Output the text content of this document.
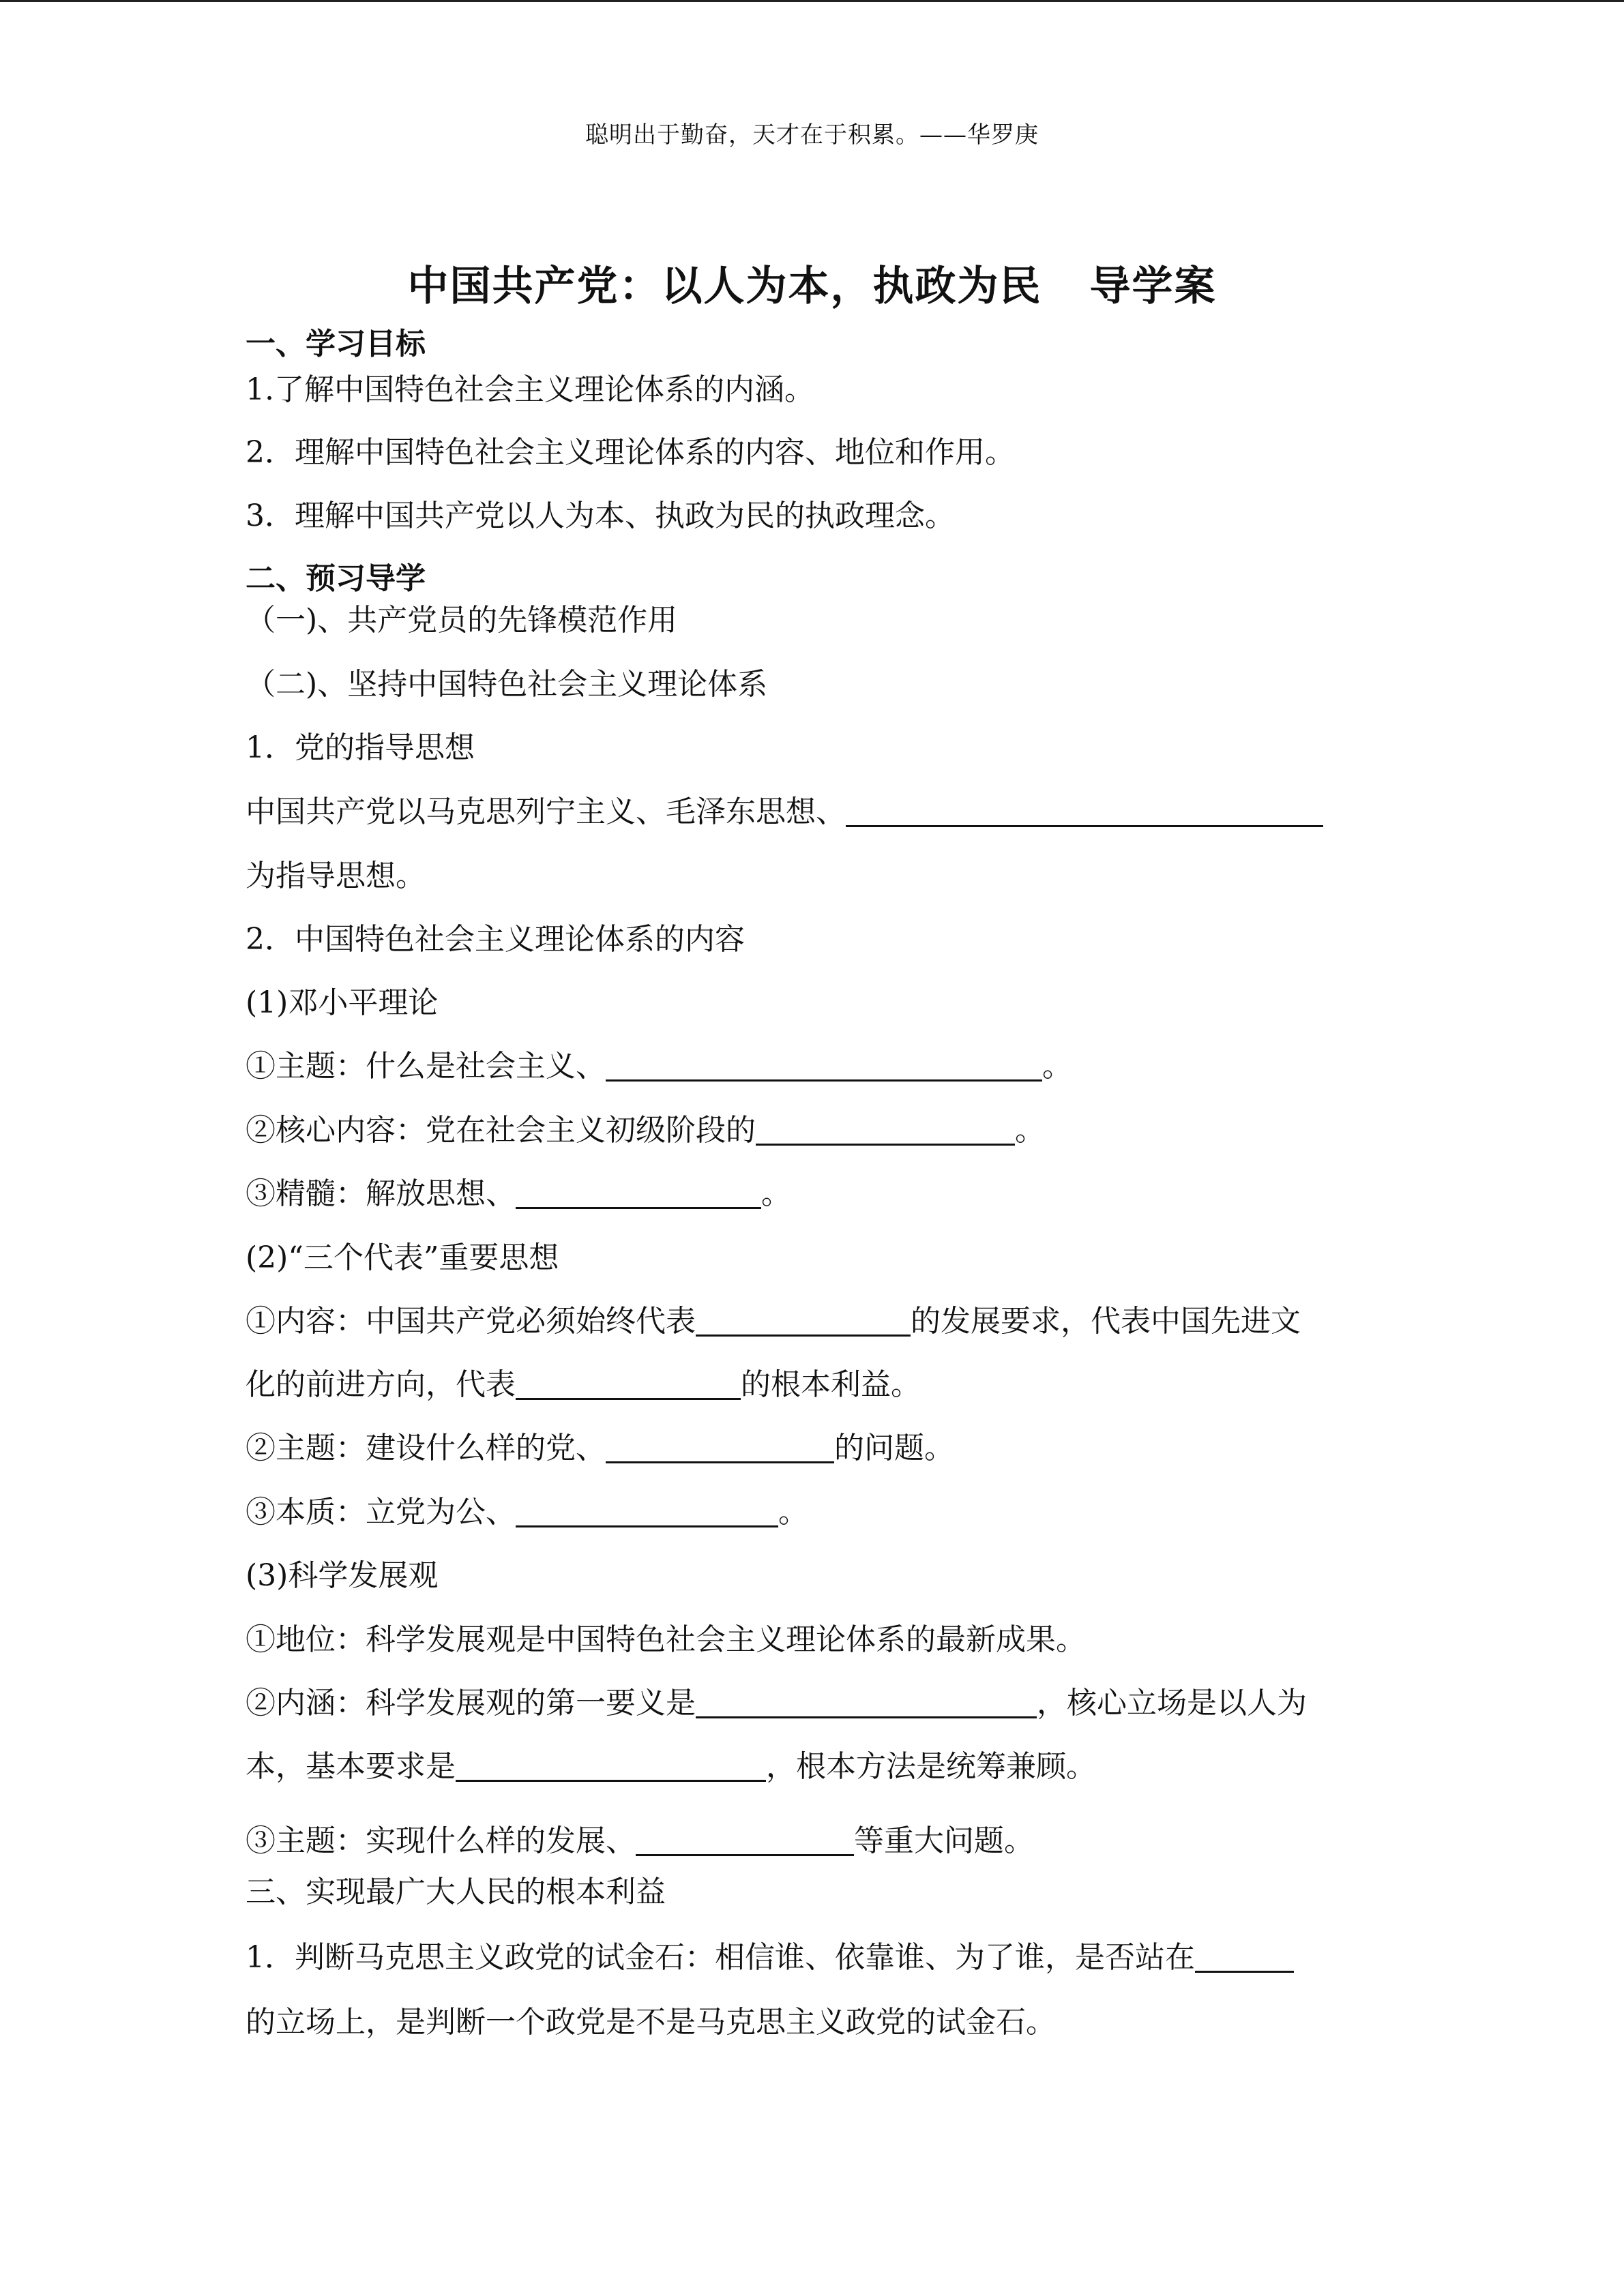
聪明出于勤奋，天才在于积累。——华罗庚
中国共产党：以人为本，执政为民 导学案
一、学习目标
1.了解中国特色社会主义理论体系的内涵。
2．理解中国特色社会主义理论体系的内容、地位和作用。
3．理解中国共产党以人为本、执政为民的执政理念。
二、预习导学
（一)、共产党员的先锋模范作用
（二)、坚持中国特色社会主义理论体系
1．党的指导思想
中国共产党以马克思列宁主义、毛泽东思想、
为指导思想。
2．中国特色社会主义理论体系的内容
(1)邓小平理论
①主题：什么是社会主义、	。
②核心内容：党在社会主义初级阶段的	。
③精髓：解放思想、	。
(2)“三个代表”重要思想
①内容：中国共产党必须始终代表	的发展要求，代表中国先进文
化的前进方向，代表	的根本利益。
②主题：建设什么样的党、	的问题。
③本质：立党为公、	。
(3)科学发展观
①地位：科学发展观是中国特色社会主义理论体系的最新成果。
②内涵：科学发展观的第一要义是	，核心立场是以人为
本，基本要求是	，根本方法是统筹兼顾。
③主题：实现什么样的发展、	等重大问题。
三、实现最广大人民的根本利益
1．判断马克思主义政党的试金石：相信谁、依靠谁、为了谁，是否站在
的立场上，是判断一个政党是不是马克思主义政党的试金石。
